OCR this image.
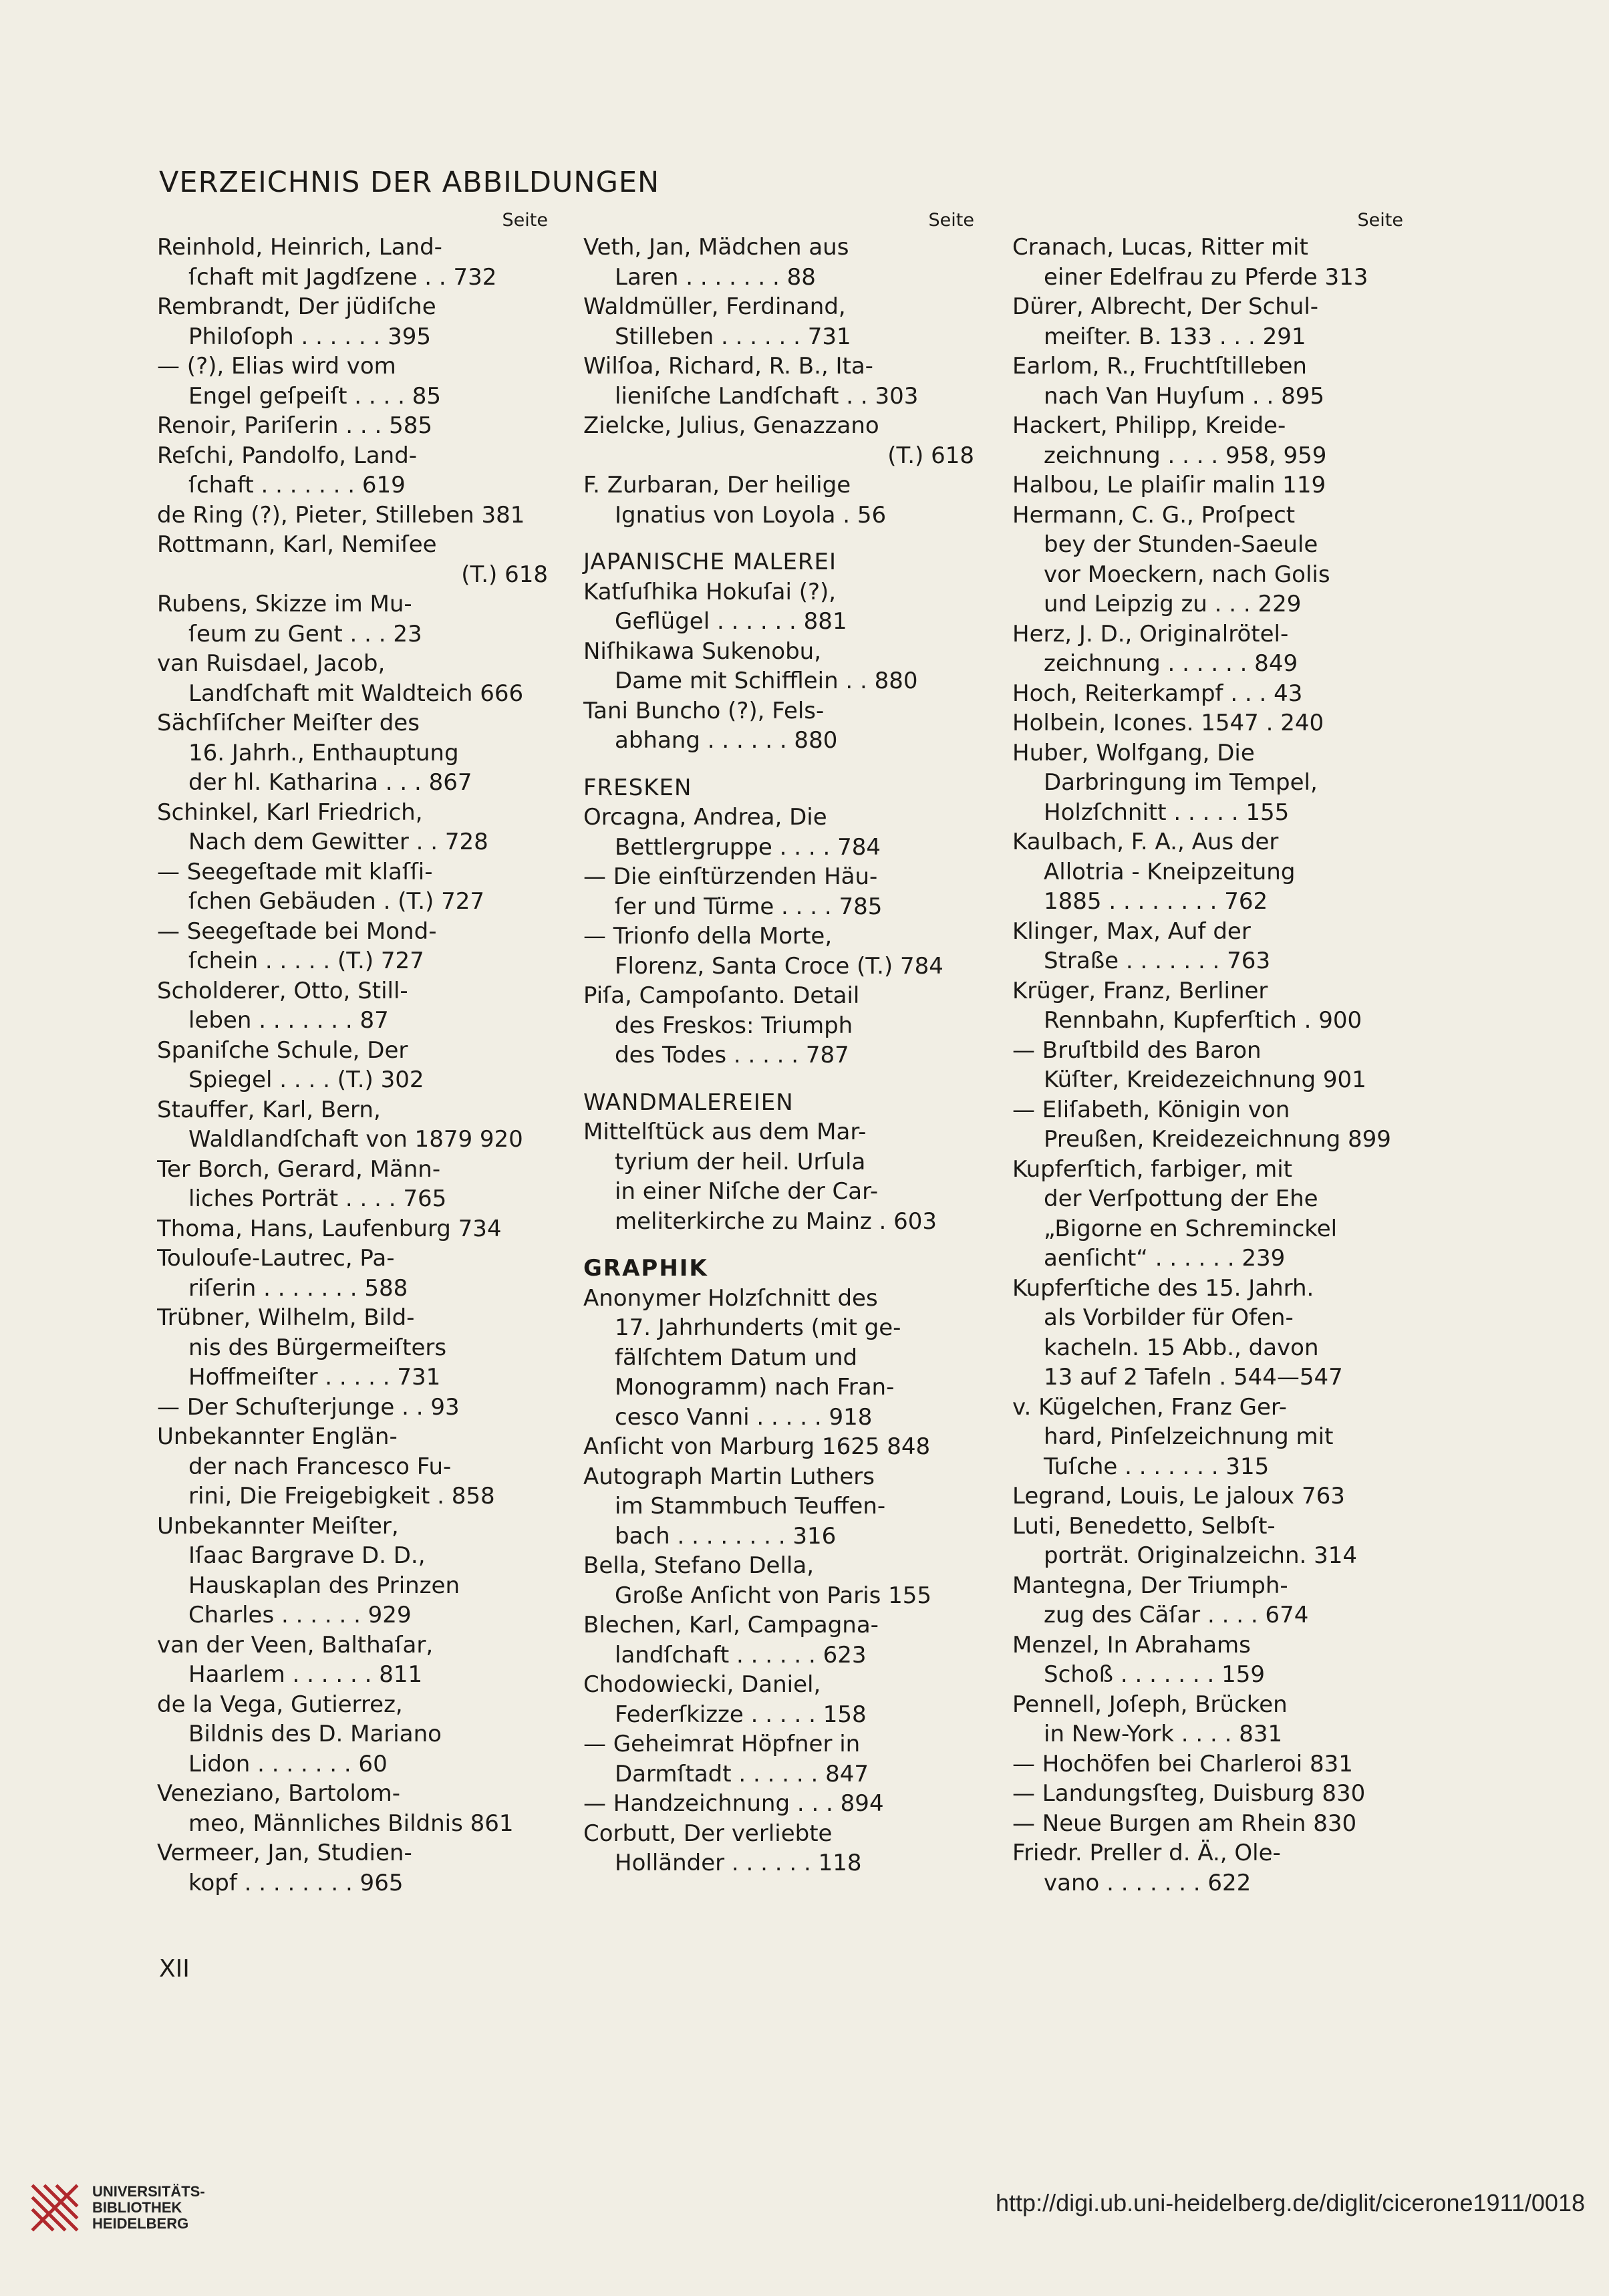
VERZEICHNIS DER ABBILDUNGEN
Seite
Reinhold, Heinrich, Land-
ſchaft mit Jagdſzene . . 732
Rembrandt, Der jüdiſche
Philoſoph . . . . . . 395
— (?), Elias wird vom
Engel geſpeiſt . . . . 85
Renoir, Pariſerin . . . 585
Reſchi, Pandolfo, Land-
ſchaft . . . . . . . 619
de Ring (?), Pieter, Stilleben 381
Rottmann, Karl, Nemiſee
(T.) 618
Rubens, Skizze im Mu-
ſeum zu Gent . . . 23
van Ruisdael, Jacob,
Landſchaft mit Waldteich 666
Sächſiſcher Meiſter des
16. Jahrh., Enthauptung
der hl. Katharina . . . 867
Schinkel, Karl Friedrich,
Nach dem Gewitter . . 728
— Seegeſtade mit klaſſi-
ſchen Gebäuden . (T.) 727
— Seegeſtade bei Mond-
ſchein . . . . . (T.) 727
Scholderer, Otto, Still-
leben . . . . . . . 87
Spaniſche Schule, Der
Spiegel . . . . (T.) 302
Stauffer, Karl, Bern,
Waldlandſchaft von 1879 920
Ter Borch, Gerard, Männ-
liches Porträt . . . . 765
Thoma, Hans, Laufenburg 734
Toulouſe-Lautrec, Pa-
riſerin . . . . . . . 588
Trübner, Wilhelm, Bild-
nis des Bürgermeiſters
Hoffmeiſter . . . . . 731
— Der Schuſterjunge . . 93
Unbekannter Englän-
der nach Francesco Fu-
rini, Die Freigebigkeit . 858
Unbekannter Meiſter,
Iſaac Bargrave D. D.,
Hauskaplan des Prinzen
Charles . . . . . . 929
van der Veen, Balthaſar,
Haarlem . . . . . . 811
de la Vega, Gutierrez,
Bildnis des D. Mariano
Lidon . . . . . . . 60
Veneziano, Bartolom-
meo, Männliches Bildnis 861
Vermeer, Jan, Studien-
kopf . . . . . . . . 965
Seite
Veth, Jan, Mädchen aus
Laren . . . . . . . 88
Waldmüller, Ferdinand,
Stilleben . . . . . . 731
Wilſoa, Richard, R. B., Ita-
lieniſche Landſchaft . . 303
Zielcke, Julius, Genazzano
(T.) 618
F. Zurbaran, Der heilige
Ignatius von Loyola . 56
JAPANISCHE MALEREI
Katſuſhika Hokuſai (?),
Geflügel . . . . . . 881
Niſhikawa Sukenobu,
Dame mit Schifflein . . 880
Tani Buncho (?), Fels-
abhang . . . . . . 880
FRESKEN
Orcagna, Andrea, Die
Bettlergruppe . . . . 784
— Die einſtürzenden Häu-
ſer und Türme . . . . 785
— Trionfo della Morte,
Florenz, Santa Croce (T.) 784
Piſa, Campoſanto. Detail
des Freskos: Triumph
des Todes . . . . . 787
WANDMALEREIEN
Mittelſtück aus dem Mar-
tyrium der heil. Urſula
in einer Niſche der Car-
meliterkirche zu Mainz . 603
GRAPHIK
Anonymer Holzſchnitt des
17. Jahrhunderts (mit ge-
fälſchtem Datum und
Monogramm) nach Fran-
cesco Vanni . . . . . 918
Anſicht von Marburg 1625 848
Autograph Martin Luthers
im Stammbuch Teuffen-
bach . . . . . . . . 316
Bella, Stefano Della,
Große Anſicht von Paris 155
Blechen, Karl, Campagna-
landſchaft . . . . . . 623
Chodowiecki, Daniel,
Federſkizze . . . . . 158
— Geheimrat Höpfner in
Darmſtadt . . . . . . 847
— Handzeichnung . . . 894
Corbutt, Der verliebte
Holländer . . . . . . 118
Seite
Cranach, Lucas, Ritter mit
einer Edelfrau zu Pferde 313
Dürer, Albrecht, Der Schul-
meiſter. B. 133 . . . 291
Earlom, R., Fruchtſtilleben
nach Van Huyſum . . 895
Hackert, Philipp, Kreide-
zeichnung . . . . 958, 959
Halbou, Le plaiſir malin 119
Hermann, C. G., Proſpect
bey der Stunden-Saeule
vor Moeckern, nach Golis
und Leipzig zu . . . 229
Herz, J. D., Originalrötel-
zeichnung . . . . . . 849
Hoch, Reiterkampf . . . 43
Holbein, Icones. 1547 . 240
Huber, Wolfgang, Die
Darbringung im Tempel,
Holzſchnitt . . . . . 155
Kaulbach, F. A., Aus der
Allotria - Kneipzeitung
1885 . . . . . . . . 762
Klinger, Max, Auf der
Straße . . . . . . . 763
Krüger, Franz, Berliner
Rennbahn, Kupferſtich . 900
— Bruſtbild des Baron
Küſter, Kreidezeichnung 901
— Eliſabeth, Königin von
Preußen, Kreidezeichnung 899
Kupferſtich, farbiger, mit
der Verſpottung der Ehe
„Bigorne en Schreminckel
aenſicht“ . . . . . . 239
Kupferſtiche des 15. Jahrh.
als Vorbilder für Ofen-
kacheln. 15 Abb., davon
13 auf 2 Tafeln . 544—547
v. Kügelchen, Franz Ger-
hard, Pinſelzeichnung mit
Tuſche . . . . . . . 315
Legrand, Louis, Le jaloux 763
Luti, Benedetto, Selbſt-
porträt. Originalzeichn. 314
Mantegna, Der Triumph-
zug des Cäſar . . . . 674
Menzel, In Abrahams
Schoß . . . . . . . 159
Pennell, Joſeph, Brücken
in New-York . . . . 831
— Hochöfen bei Charleroi 831
— Landungsſteg, Duisburg 830
— Neue Burgen am Rhein 830
Friedr. Preller d. Ä., Ole-
vano . . . . . . . 622
XII
UNIVERSITÄTS-
BIBLIOTHEK
HEIDELBERG
http://digi.ub.uni-heidelberg.de/diglit/cicerone1911/0018
